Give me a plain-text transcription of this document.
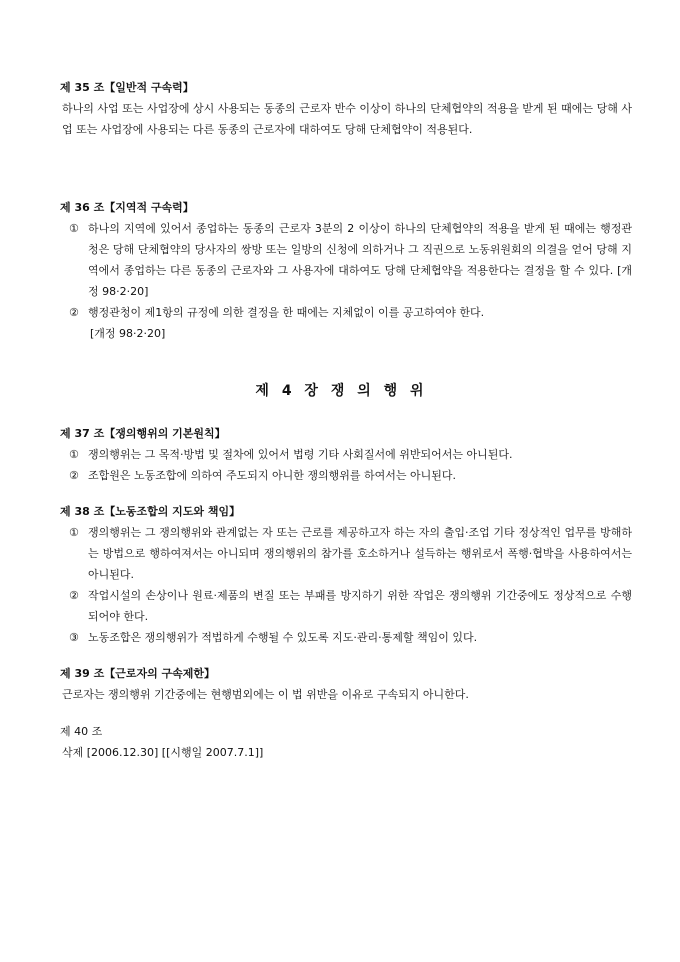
제 35 조【일반적 구속력】
하나의 사업 또는 사업장에 상시 사용되는 동종의 근로자 반수 이상이 하나의 단체협약의 적용을 받게 된 때에는 당해 사업 또는 사업장에 사용되는 다른 동종의 근로자에 대하여도 당해 단체협약이 적용된다.
제 36 조【지역적 구속력】
① 하나의 지역에 있어서 종업하는 동종의 근로자 3분의 2 이상이 하나의 단체협약의 적용을 받게 된 때에는 행정관청은 당해 단체협약의 당사자의 쌍방 또는 일방의 신청에 의하거나 그 직권으로 노동위원회의 의결을 얻어 당해 지역에서 종업하는 다른 동종의 근로자와 그 사용자에 대하여도 당해 단체협약을 적용한다는 결정을 할 수 있다. [개정 98·2·20]
② 행정관청이 제1항의 규정에 의한 결정을 한 때에는 지체없이 이를 공고하여야 한다.
[개정 98·2·20]
제 4 장 쟁 의 행 위
제 37 조【쟁의행위의 기본원칙】
① 쟁의행위는 그 목적·방법 및 절차에 있어서 법령 기타 사회질서에 위반되어서는 아니된다.
② 조합원은 노동조합에 의하여 주도되지 아니한 쟁의행위를 하여서는 아니된다.
제 38 조【노동조합의 지도와 책임】
① 쟁의행위는 그 쟁의행위와 관계없는 자 또는 근로를 제공하고자 하는 자의 출입·조업 기타 정상적인 업무를 방해하는 방법으로 행하여져서는 아니되며 쟁의행위의 참가를 호소하거나 설득하는 행위로서 폭행·협박을 사용하여서는 아니된다.
② 작업시설의 손상이나 원료·제품의 변질 또는 부패를 방지하기 위한 작업은 쟁의행위 기간중에도 정상적으로 수행되어야 한다.
③ 노동조합은 쟁의행위가 적법하게 수행될 수 있도록 지도·관리·통제할 책임이 있다.
제 39 조【근로자의 구속제한】
근로자는 쟁의행위 기간중에는 현행범외에는 이 법 위반을 이유로 구속되지 아니한다.
제 40 조
삭제 [2006.12.30] [[시행일 2007.7.1]]
